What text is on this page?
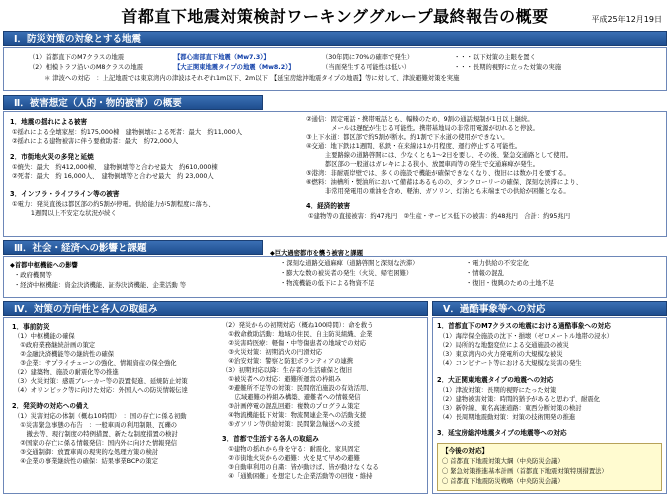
首都直下地震対策検討ワーキンググループ最終報告の概要	平成25年12月19日
Ⅰ．防災対策の対象とする地震
（1）首都直下のM7クラスの地震	【都心南部直下地震（Mw7.3）】	（30年間に70%の確率で発生）	・・・以下対策の主眼を置く
（2）相模トラフ沿いのM8クラスの地震	【大正関東地震タイプの地震（Mw8.2）】	（当面発生する可能性は低い）	・・・長期的視野に立った対策の実施
＊ 津波への対応　：上記地震では東京湾内の津波はそれぞれ1m以下、2m以下　【延宝房総沖地震タイプの地震】等に対して、津波避難対策を実施
Ⅱ．被害想定（人的・物的被害）の概要
1．地震の揺れによる被害
①揺れによる全壊家屋：約175,000棟　建物倒壊による死者：最大　約11,000人
②揺れによる建物被害に伴う要救助者：最大　約72,000人
2．市街地火災の多発と延焼
①焼失：最大　約412,000棟、　建物倒壊等と合わせ最大　約610,000棟
②死者：最大　約 16,000人、　建物倒壊等と合わせ最大　約 23,000人
3．インフラ・ライフライン等の被害
①電力：発災直後は都区部の約5割が停電。供給能力が5割程度に落ち、
　　　1週間以上不安定な状況が続く
②通信：固定電話・携帯電話とも、輻輳のため、9割の通話規制が1日以上継続。
　　　　メールは遅配が生じる可能性。携帯基地局の非常用電源が切れると停波。
③上下水道：都区部で約5割が断水。約1割で下水道の使用ができない。
④交通：地下鉄は1週間、私鉄・在来線は1か月程度、運行停止する可能性。
　　　主要路線の道路啓開には、少なくとも1～2日を要し、その後、緊急交通路として使用。
　　　都区部の一般道はガレキによる狭小、放置車両等の発生で交通麻痺が発生。
⑤港湾：非耐震岸壁では、多くの施設で機能が確保できなくなり、復旧には数か月を要する。
⑥燃料：油槽所・製油所において備蓄はあるものの、タンクローリーの確保、深刻な渋滞により、
　　　非常用発電用の重油を含め、軽油、ガソリン、灯油とも末端までの供給が困難となる。
4．経済的被害
①建物等の直接被害：約47兆円　②生産・サービス低下の被害：約48兆円　合計：約95兆円
Ⅲ．社会・経済への影響と課題
◆首都中枢機能への影響
・政府機関等
・経済中枢機能：資金決済機能、証券決済機能、企業活動 等
◆巨大過密都市を襲う被害と課題
・深刻な道路交通麻痺（道路啓開と深刻な渋滞）
・膨大な数の被災者の発生（火災、帰宅困難）
・物流機能の低下による物資不足
・電力供給の不安定化
・情報の混乱
・復旧・復興のための土地不足
Ⅳ．対策の方向性と各人の取組み
1．事前防災
（1）中枢機能の確保
　①政府業務継続計画の策定
　②金融決済機能等の継続性の確保
　③企業：サプライチェーンの強化、情報資産の保全強化
（2）建築物、施設の耐震化等の推進
（3）火災対策：感震ブレーカー等の設置促進、延焼防止対策
（4）オリンピック等に向けた対応：外国人への防災情報伝達
2．発災時の対応への備え
（1）災害対応の体制（概ね10時間）　：国の存亡に係る初動
　①災害緊急事態の布告　：一般車両の利用制限、瓦礫の
　　撤去等、現行制度の特例措置、新たな制度措置の検討
　②国家の存亡に係る情報発信：国内外に向けた情報発信
　③交通制御：放置車両の現実的な処理方策の検討
　④企業の事業継続性の確保：結果事業BCPの策定
（2）発災からの初期対応（概ね100時間）：命を救う
　①救命救助活動：地域の住民、自主防災組織、企業
　②災害時医療：軽傷・中等傷患者の地域での対応
　③火災対策：初期消火の円滑対応
　④治安対策：警察と防犯ボランティアの連携
（3）初期対応以降：生存者の生活確保と復旧
　①被災者への対応：避難所運営の枠組み
　②避難所不足等の対策：民間宿泊施設の有効活用、
　　広域避難の枠組み構築、避難者への情報発信
　③計画停電の混乱回避：複数のプログラム策定
　④物流機能低下対策：物流関連企業への活動支援
　⑤ガソリン等供給対策：民間緊急輸送への支援
3．首都で生活する各人の取組み
　①建物の揺れから身を守る：耐震化、家具固定
　②市街地火災からの避難：火を見て早めの避難
　③自動車利用の自粛：皆が動けば、皆が動けなくなる
　④「通勤困難」を想定した企業活動等の回復・維持
Ⅴ．過酷事象等への対応
1．首都直下のM7クラスの地震における過酷事象への対応
（1）海岸保全施設の沈下・損壊（ゼロメートル地帯の浸水）
（2）局所的な地盤変位による交通施設の被災
（3）東京湾内の火力発電所の大規模な被災
（4）コンビナート等における大規模な災害の発生
2．大正関東地震タイプの地震への対応
（1）津波対策：長期的視野にたった対策
（2）建物被害対策：時間的猶予があると思わず、耐震化
（3）新幹線、東名高速道路：東西分断対策の検討
（4）長周期地震動対策：対策の技術開発の推進
3．延宝房総沖地震タイプの地震等への対応
【今後の対応】
〇 首都直下地震対策大綱（中央防災会議）
〇 緊急対策推進基本計画（首都直下地震対策特別措置法）
〇 首都直下地震防災戦略（中央防災会議）
